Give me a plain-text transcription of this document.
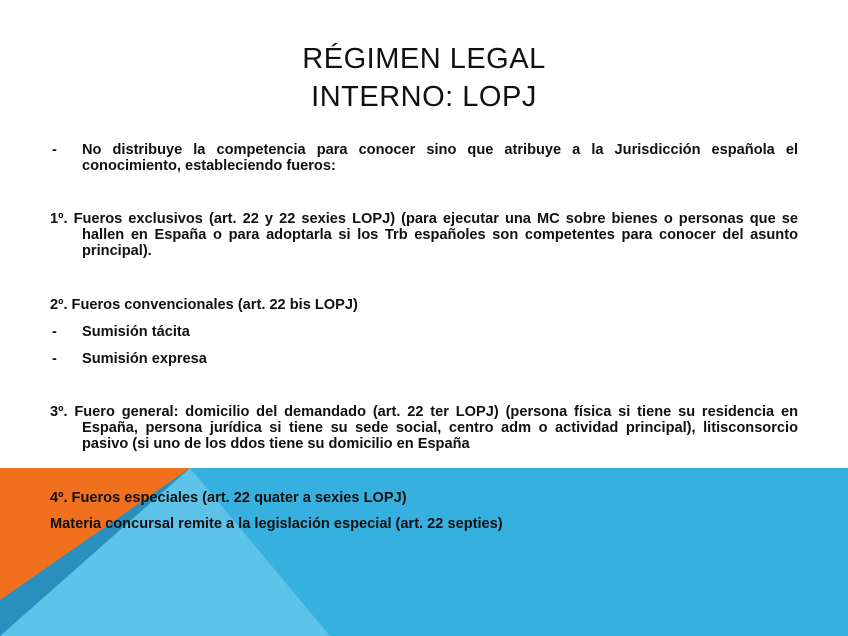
RÉGIMEN LEGAL
INTERNO: LOPJ
-	No distribuye la competencia para conocer sino que atribuye a la Jurisdicción española el conocimiento, estableciendo fueros:
1º. Fueros exclusivos (art. 22 y 22 sexies LOPJ) (para ejecutar una MC sobre bienes o personas que se hallen en España o para adoptarla si los Trb españoles son competentes para conocer del asunto principal).
2º. Fueros convencionales (art. 22 bis LOPJ)
-	Sumisión tácita
-	Sumisión expresa
3º. Fuero general: domicilio del demandado (art. 22 ter LOPJ) (persona física si tiene su residencia en España, persona jurídica si tiene su sede social, centro adm o actividad principal), litisconsorcio pasivo (si uno de los ddos tiene su domicilio en España
4º. Fueros especiales (art. 22 quater a sexies LOPJ)
Materia concursal remite a la legislación especial (art. 22 septies)
